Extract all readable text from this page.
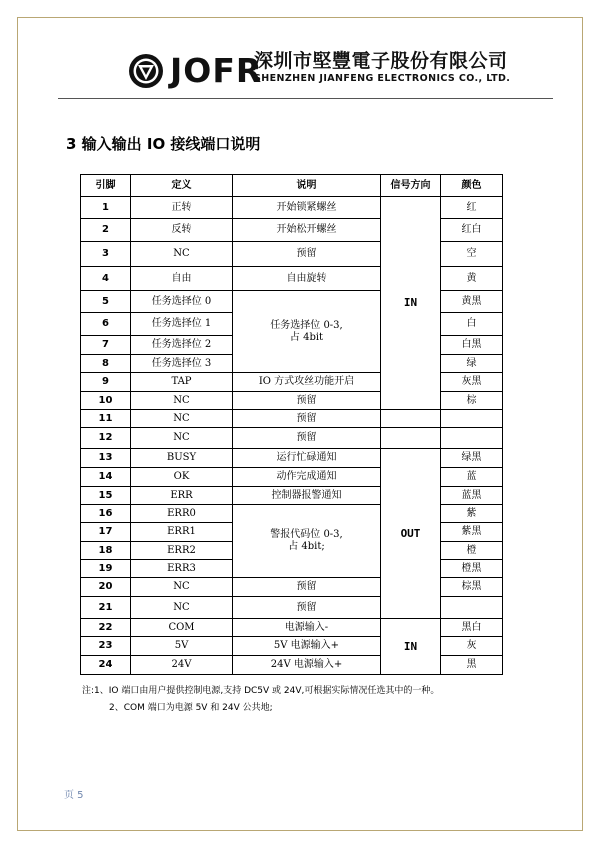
JOFR
深圳市堅豐電子股份有限公司
SHENZHEN JIANFENG ELECTRONICS CO., LTD.
3 输入输出 IO 接线端口说明
引脚	定义	说明	信号方向	颜色
1	正转	开始锁紧螺丝	IN	红
2	反转	开始松开螺丝		红白
3	NC	预留		空
4	自由	自由旋转		黄
5	任务选择位 0	任务选择位 0-3,
占 4bit		黄黑
6	任务选择位 1			白
7	任务选择位 2			白黑
8	任务选择位 3			绿
9	TAP	IO 方式攻丝功能开启		灰黑
10	NC	预留		棕
11	NC	预留		
12	NC	预留		
13	BUSY	运行忙碌通知	OUT	绿黑
14	OK	动作完成通知		蓝
15	ERR	控制器报警通知		蓝黑
16	ERR0	警报代码位 0-3,
占 4bit;		紫
17	ERR1			紫黑
18	ERR2			橙
19	ERR3			橙黑
20	NC	预留		棕黑
21	NC	预留		
22	COM	电源输入-	IN	黑白
23	5V	5V 电源输入+		灰
24	24V	24V 电源输入+		黑
注:1、IO 端口由用户提供控制电源,支持 DC5V 或 24V,可根据实际情况任选其中的一种。
2、COM 端口为电源 5V 和 24V 公共地;
页 5
